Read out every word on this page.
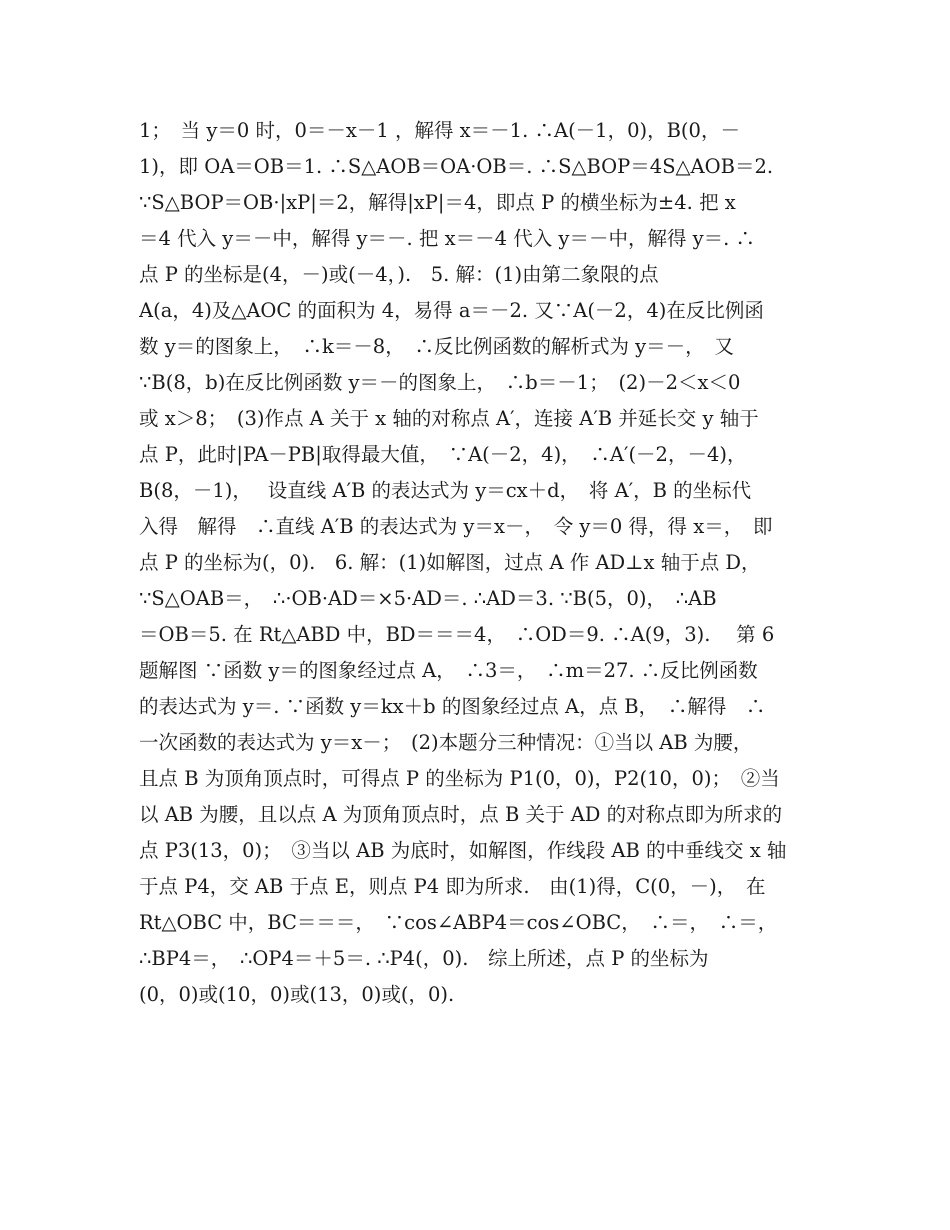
1；　当 y＝0 时，0＝－x－1 ，解得 x＝－1. ∴A(－1，0)，B(0，－
1)，即 OA＝OB＝1. ∴S△AOB＝OA·OB＝. ∴S△BOP＝4S△AOB＝2.
∵S△BOP＝OB·|xP|＝2，解得|xP|＝4，即点 P 的横坐标为±4. 把 x
＝4 代入 y＝－中，解得 y＝－. 把 x＝－4 代入 y＝－中，解得 y＝. ∴
点 P 的坐标是(4，－)或(－4，).　5. 解：(1)由第二象限的点
A(a，4)及△AOC 的面积为 4，易得 a＝－2. 又∵A(－2，4)在反比例函
数 y＝的图象上，　∴k＝－8，　∴反比例函数的解析式为 y＝－，　又
∵B(8，b)在反比例函数 y＝－的图象上，　∴b＝－1；　(2)－2＜x＜0
或 x＞8；　(3)作点 A 关于 x 轴的对称点 A′，连接 A′B 并延长交 y 轴于
点 P，此时|PA－PB|取得最大值，　∵A(－2，4)，　∴A′(－2，－4)，
B(8，－1)，　 设直线 A′B 的表达式为 y＝cx＋d，　将 A′，B 的坐标代
入得　解得　∴直线 A′B 的表达式为 y＝x－，　令 y＝0 得，得 x＝，　即
点 P 的坐标为(，0).　6. 解：(1)如解图，过点 A 作 AD⊥x 轴于点 D，
∵S△OAB＝，　∴·OB·AD＝×5·AD＝. ∴AD＝3. ∵B(5，0)，　∴AB
＝OB＝5. 在 Rt△ABD 中，BD＝＝＝4，　∴OD＝9. ∴A(9，3).　 第 6
题解图 ∵函数 y＝的图象经过点 A，　∴3＝，　∴m＝27. ∴反比例函数
的表达式为 y＝. ∵函数 y＝kx＋b 的图象经过点 A，点 B，　∴解得　∴
一次函数的表达式为 y＝x－；　(2)本题分三种情况：①当以 AB 为腰，
且点 B 为顶角顶点时，可得点 P 的坐标为 P1(0，0)，P2(10，0)；　②当
以 AB 为腰，且以点 A 为顶角顶点时，点 B 关于 AD 的对称点即为所求的
点 P3(13，0)；　③当以 AB 为底时，如解图，作线段 AB 的中垂线交 x 轴
于点 P4，交 AB 于点 E，则点 P4 即为所求.　由(1)得，C(0，－)，　在
Rt△OBC 中，BC＝＝＝，　∵cos∠ABP4＝cos∠OBC，　∴＝，　∴＝，
∴BP4＝，　∴OP4＝＋5＝. ∴P4(，0).　综上所述，点 P 的坐标为
(0，0)或(10，0)或(13，0)或(，0).
